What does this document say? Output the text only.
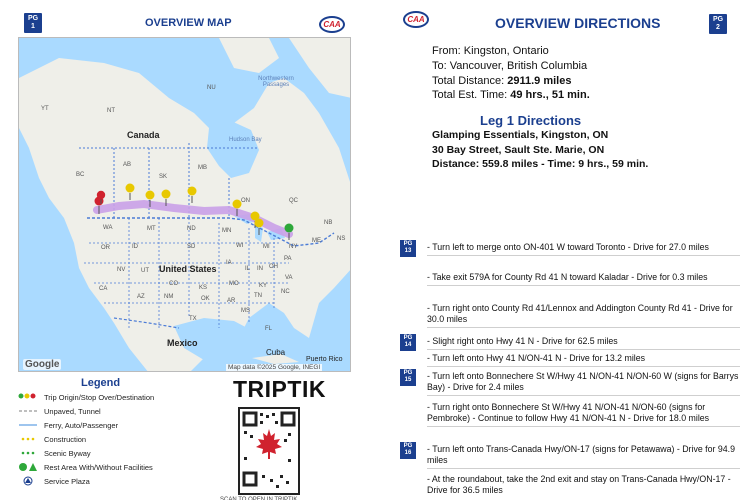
PG
1	OVERVIEW MAP	CAA
Canada
United States
Mexico
Cuba
Puerto Rico
Hudson Bay
Northwestern Passages
YT	NT
NU
BC
AB
SK
MB
ON	QC
NB
WA	MT	ND	MN
MI	NY
ME	NS
OR	ID	SD	WI
IA
NV	UT
CO
KS
MO
IL IN OH
PA
KY
VA
CA
AZ	NM	OK	AR
TN
NC
TX
MS
FL
Google	Map data ©2025 Google, INEGI
Legend
Trip Origin/Stop Over/Destination
Unpaved, Tunnel
Ferry, Auto/Passenger
Construction
Scenic Byway
Rest Area With/Without Facilities
Service Plaza
TRIPTIK
SCAN TO OPEN IN TRIPTIK
CAA	OVERVIEW DIRECTIONS	PG
2
From: Kingston, Ontario
To: Vancouver, British Columbia
Total Distance: 2911.9 miles
Total Est. Time: 49 hrs., 51 min.
Leg 1 Directions
Glamping Essentials, Kingston, ON
30 Bay Street, Sault Ste. Marie, ON
Distance: 559.8 miles - Time: 9 hrs., 59 min.
PG
13	- Turn left to merge onto ON-401 W toward Toronto - Drive for 27.0 miles
- Take exit 579A for County Rd 41 N toward Kaladar - Drive for 0.3 miles
- Turn right onto County Rd 41/Lennox and Addington County Rd 41 - Drive for 30.0 miles
PG
14	- Slight right onto Hwy 41 N - Drive for 62.5 miles
- Turn left onto Hwy 41 N/ON-41 N - Drive for 13.2 miles
PG
15	- Turn left onto Bonnechere St W/Hwy 41 N/ON-41 N/ON-60 W (signs for Barrys Bay) - Drive for 2.4 miles
- Turn right onto Bonnechere St W/Hwy 41 N/ON-41 N/ON-60 (signs for Pembroke) - Continue to follow Hwy 41 N/ON-41 N - Drive for 18.0 miles
PG
16	- Turn left onto Trans-Canada Hwy/ON-17 (signs for Petawawa) - Drive for 94.9 miles
- At the roundabout, take the 2nd exit and stay on Trans-Canada Hwy/ON-17 - Drive for 36.5 miles
